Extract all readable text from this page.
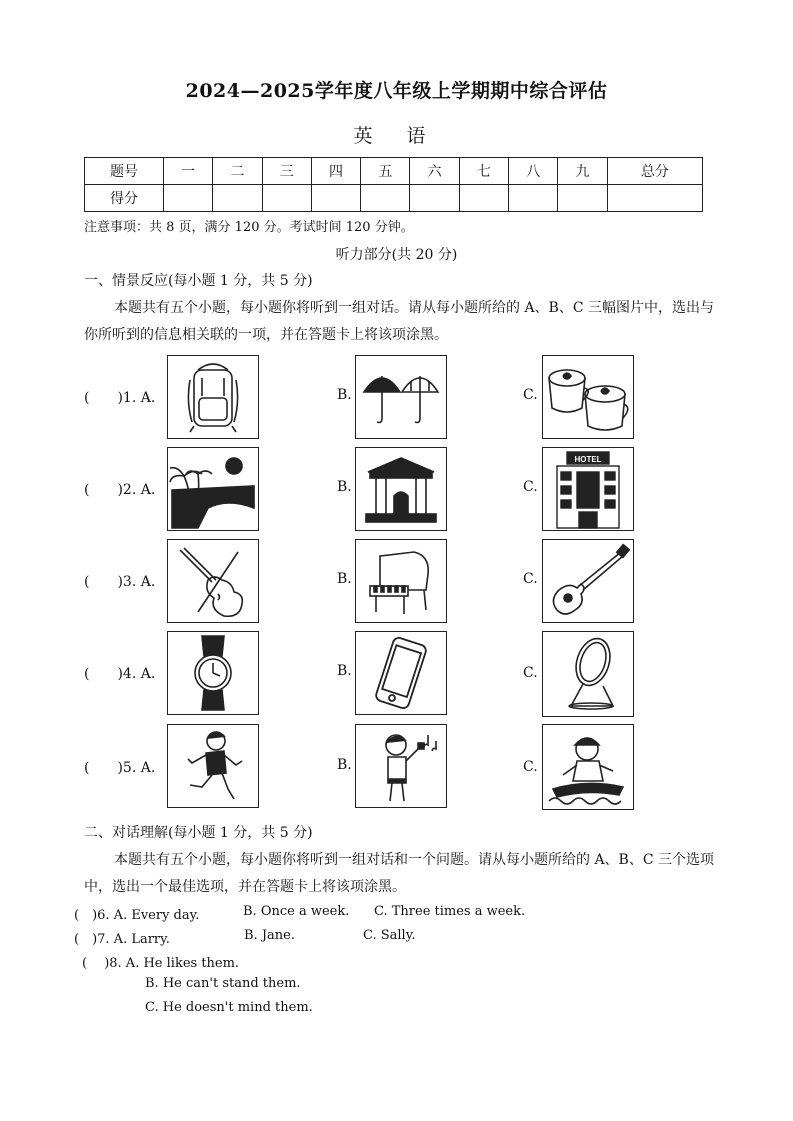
2024—2025学年度八年级上学期期中综合评估
英 语
题号	一	二	三	四	五	六	七	八	九	总分
得分										
注意事项：共 8 页，满分 120 分。考试时间 120 分钟。
听力部分(共 20 分)
一、情景反应(每小题 1 分，共 5 分)
本题共有五个小题，每小题你将听到一组对话。请从每小题所给的 A、B、C 三幅图片中，选出与
你所听到的信息相关联的一项，并在答题卡上将该项涂黑。
(　　)1. A.	B.	C.
(　　)2. A.	B.	C.
HOTEL
(　　)3. A.	B.	C.
(　　)4. A.	B.	C.
(　　)5. A.	B.	C.
二、对话理解(每小题 1 分，共 5 分)
本题共有五个小题，每小题你将听到一组对话和一个问题。请从每小题所给的 A、B、C 三个选项
中，选出一个最佳选项，并在答题卡上将该项涂黑。
(　)6. A. Every day.	B. Once a week. C. Three times a week.
(　)7. A. Larry.	B. Jane.	C. Sally.
(　 )8. A. He likes them.
B. He can't stand them.
C. He doesn't mind them.
